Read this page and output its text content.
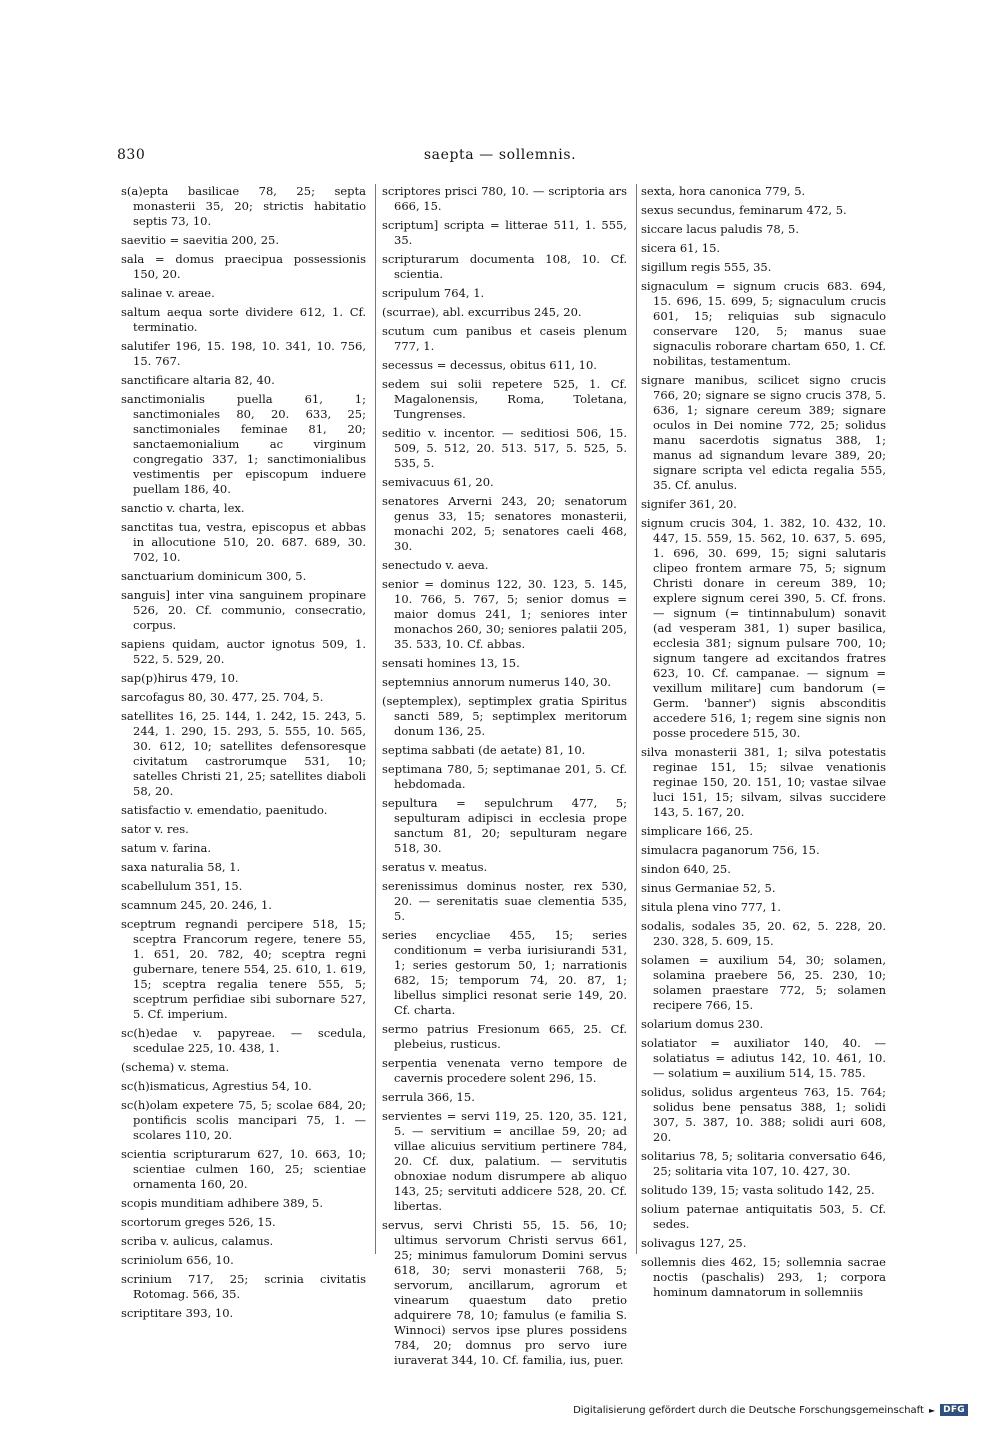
830	saepta — sollemnis.
s(a)epta basilicae 78, 25; septa monasterii 35, 20; strictis habitatio septis 73, 10.
saevitio = saevitia 200, 25.
sala = domus praecipua possessionis 150, 20.
salinae v. areae.
saltum aequa sorte dividere 612, 1. Cf. terminatio.
salutifer 196, 15. 198, 10. 341, 10. 756, 15. 767.
sanctificare altaria 82, 40.
sanctimonialis puella 61, 1; sanctimoniales 80, 20. 633, 25; sanctimoniales feminae 81, 20; sanctaemonialium ac virginum congregatio 337, 1; sanctimonialibus vestimentis per episcopum induere puellam 186, 40.
sanctio v. charta, lex.
sanctitas tua, vestra, episcopus et abbas in allocutione 510, 20. 687. 689, 30. 702, 10.
sanctuarium dominicum 300, 5.
sanguis] inter vina sanguinem propinare 526, 20. Cf. communio, consecratio, corpus.
sapiens quidam, auctor ignotus 509, 1. 522, 5. 529, 20.
sap(p)hirus 479, 10.
sarcofagus 80, 30. 477, 25. 704, 5.
satellites 16, 25. 144, 1. 242, 15. 243, 5. 244, 1. 290, 15. 293, 5. 555, 10. 565, 30. 612, 10; satellites defensoresque civitatum castrorumque 531, 10; satelles Christi 21, 25; satellites diaboli 58, 20.
satisfactio v. emendatio, paenitudo.
sator v. res.
satum v. farina.
saxa naturalia 58, 1.
scabellulum 351, 15.
scamnum 245, 20. 246, 1.
sceptrum regnandi percipere 518, 15; sceptra Francorum regere, tenere 55, 1. 651, 20. 782, 40; sceptra regni gubernare, tenere 554, 25. 610, 1. 619, 15; sceptra regalia tenere 555, 5; sceptrum perfidiae sibi subornare 527, 5. Cf. imperium.
sc(h)edae v. papyreae. — scedula, scedulae 225, 10. 438, 1.
(schema) v. stema.
sc(h)ismaticus, Agrestius 54, 10.
sc(h)olam expetere 75, 5; scolae 684, 20; pontificis scolis mancipari 75, 1. — scolares 110, 20.
scientia scripturarum 627, 10. 663, 10; scientiae culmen 160, 25; scientiae ornamenta 160, 20.
scopis munditiam adhibere 389, 5.
scortorum greges 526, 15.
scriba v. aulicus, calamus.
scriniolum 656, 10.
scrinium 717, 25; scrinia civitatis Rotomag. 566, 35.
scriptitare 393, 10.
scriptores prisci 780, 10. — scriptoria ars 666, 15.
scriptum] scripta = litterae 511, 1. 555, 35.
scripturarum documenta 108, 10. Cf. scientia.
scripulum 764, 1.
(scurrae), abl. excurribus 245, 20.
scutum cum panibus et caseis plenum 777, 1.
secessus = decessus, obitus 611, 10.
sedem sui solii repetere 525, 1. Cf. Magalonensis, Roma, Toletana, Tungrenses.
seditio v. incentor. — seditiosi 506, 15. 509, 5. 512, 20. 513. 517, 5. 525, 5. 535, 5.
semivacuus 61, 20.
senatores Arverni 243, 20; senatorum genus 33, 15; senatores monasterii, monachi 202, 5; senatores caeli 468, 30.
senectudo v. aeva.
senior = dominus 122, 30. 123, 5. 145, 10. 766, 5. 767, 5; senior domus = maior domus 241, 1; seniores inter monachos 260, 30; seniores palatii 205, 35. 533, 10. Cf. abbas.
sensati homines 13, 15.
septemnius annorum numerus 140, 30.
(septemplex), septimplex gratia Spiritus sancti 589, 5; septimplex meritorum donum 136, 25.
septima sabbati (de aetate) 81, 10.
septimana 780, 5; septimanae 201, 5. Cf. hebdomada.
sepultura = sepulchrum 477, 5; sepulturam adipisci in ecclesia prope sanctum 81, 20; sepulturam negare 518, 30.
seratus v. meatus.
serenissimus dominus noster, rex 530, 20. — serenitatis suae clementia 535, 5.
series encycliae 455, 15; series conditionum = verba iurisiurandi 531, 1; series gestorum 50, 1; narrationis 682, 15; temporum 74, 20. 87, 1; libellus simplici resonat serie 149, 20. Cf. charta.
sermo patrius Fresionum 665, 25. Cf. plebeius, rusticus.
serpentia venenata verno tempore de cavernis procedere solent 296, 15.
serrula 366, 15.
servientes = servi 119, 25. 120, 35. 121, 5. — servitium = ancillae 59, 20; ad villae alicuius servitium pertinere 784, 20. Cf. dux, palatium. — servitutis obnoxiae nodum disrumpere ab aliquo 143, 25; servituti addicere 528, 20. Cf. libertas.
servus, servi Christi 55, 15. 56, 10; ultimus servorum Christi servus 661, 25; minimus famulorum Domini servus 618, 30; servi monasterii 768, 5; servorum, ancillarum, agrorum et vinearum quaestum dato pretio adquirere 78, 10; famulus (e familia S. Winnoci) servos ipse plures possidens 784, 20; domnus pro servo iure iuraverat 344, 10. Cf. familia, ius, puer.
sexta, hora canonica 779, 5.
sexus secundus, feminarum 472, 5.
siccare lacus paludis 78, 5.
sicera 61, 15.
sigillum regis 555, 35.
signaculum = signum crucis 683. 694, 15. 696, 15. 699, 5; signaculum crucis 601, 15; reliquias sub signaculo conservare 120, 5; manus suae signaculis roborare chartam 650, 1. Cf. nobilitas, testamentum.
signare manibus, scilicet signo crucis 766, 20; signare se signo crucis 378, 5. 636, 1; signare cereum 389; signare oculos in Dei nomine 772, 25; solidus manu sacerdotis signatus 388, 1; manus ad signandum levare 389, 20; signare scripta vel edicta regalia 555, 35. Cf. anulus.
signifer 361, 20.
signum crucis 304, 1. 382, 10. 432, 10. 447, 15. 559, 15. 562, 10. 637, 5. 695, 1. 696, 30. 699, 15; signi salutaris clipeo frontem armare 75, 5; signum Christi donare in cereum 389, 10; explere signum cerei 390, 5. Cf. frons. — signum (= tintinnabulum) sonavit (ad vesperam 381, 1) super basilica, ecclesia 381; signum pulsare 700, 10; signum tangere ad excitandos fratres 623, 10. Cf. campanae. — signum = vexillum militare] cum bandorum (= Germ. 'banner') signis absconditis accedere 516, 1; regem sine signis non posse procedere 515, 30.
silva monasterii 381, 1; silva potestatis reginae 151, 15; silvae venationis reginae 150, 20. 151, 10; vastae silvae luci 151, 15; silvam, silvas succidere 143, 5. 167, 20.
simplicare 166, 25.
simulacra paganorum 756, 15.
sindon 640, 25.
sinus Germaniae 52, 5.
situla plena vino 777, 1.
sodalis, sodales 35, 20. 62, 5. 228, 20. 230. 328, 5. 609, 15.
solamen = auxilium 54, 30; solamen, solamina praebere 56, 25. 230, 10; solamen praestare 772, 5; solamen recipere 766, 15.
solarium domus 230.
solatiator = auxiliator 140, 40. — solatiatus = adiutus 142, 10. 461, 10. — solatium = auxilium 514, 15. 785.
solidus, solidus argenteus 763, 15. 764; solidus bene pensatus 388, 1; solidi 307, 5. 387, 10. 388; solidi auri 608, 20.
solitarius 78, 5; solitaria conversatio 646, 25; solitaria vita 107, 10. 427, 30.
solitudo 139, 15; vasta solitudo 142, 25.
solium paternae antiquitatis 503, 5. Cf. sedes.
solivagus 127, 25.
sollemnis dies 462, 15; sollemnia sacrae noctis (paschalis) 293, 1; corpora hominum damnatorum in sollemniis
Digitalisierung gefördert durch die Deutsche Forschungsgemeinschaft ► DFG
